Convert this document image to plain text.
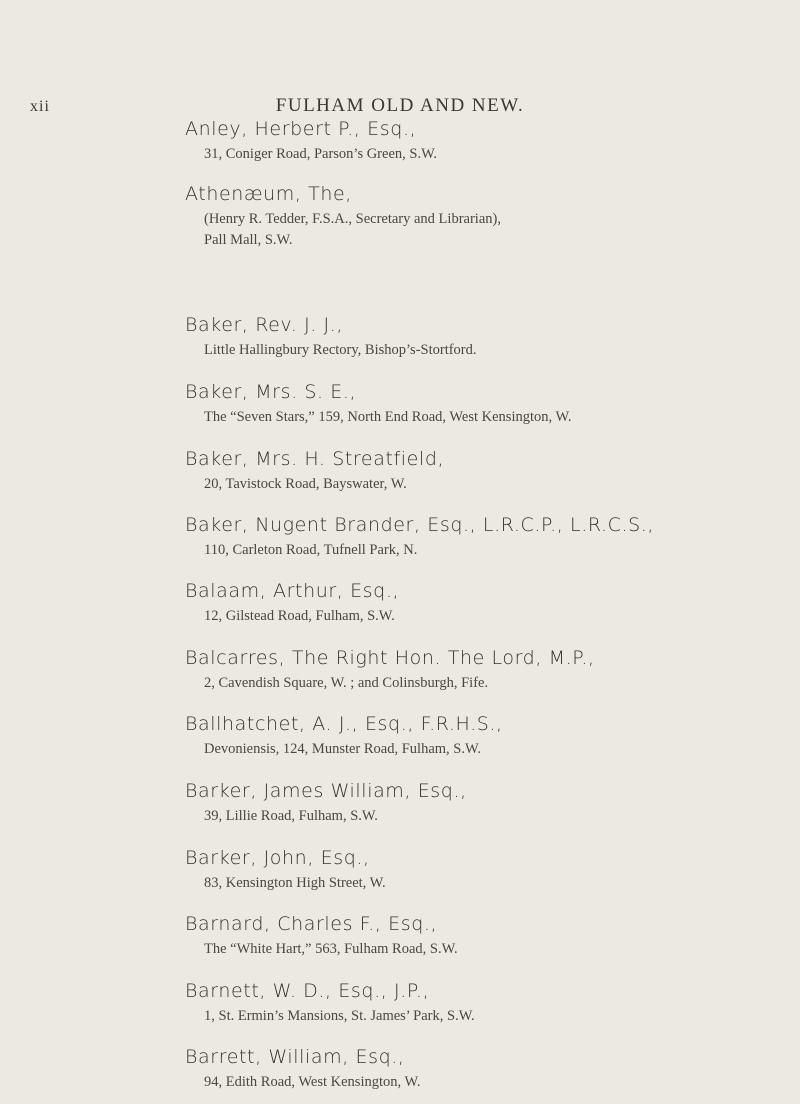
xii	FULHAM OLD AND NEW.
Anley, Herbert P., Esq.,
31, Coniger Road, Parson’s Green, S.W.
Athenæum, The,
(Henry R. Tedder, F.S.A., Secretary and Librarian),
Pall Mall, S.W.
Baker, Rev. J. J.,
Little Hallingbury Rectory, Bishop’s-Stortford.
Baker, Mrs. S. E.,
The “Seven Stars,” 159, North End Road, West Kensington, W.
Baker, Mrs. H. Streatfield,
20, Tavistock Road, Bayswater, W.
Baker, Nugent Brander, Esq., L.R.C.P., L.R.C.S.,
110, Carleton Road, Tufnell Park, N.
Balaam, Arthur, Esq.,
12, Gilstead Road, Fulham, S.W.
Balcarres, The Right Hon. The Lord, M.P.,
2, Cavendish Square, W. ; and Colinsburgh, Fife.
Ballhatchet, A. J., Esq., F.R.H.S.,
Devoniensis, 124, Munster Road, Fulham, S.W.
Barker, James William, Esq.,
39, Lillie Road, Fulham, S.W.
Barker, John, Esq.,
83, Kensington High Street, W.
Barnard, Charles F., Esq.,
The “White Hart,” 563, Fulham Road, S.W.
Barnett, W. D., Esq., J.P.,
1, St. Ermin’s Mansions, St. James’ Park, S.W.
Barrett, William, Esq.,
94, Edith Road, West Kensington, W.
